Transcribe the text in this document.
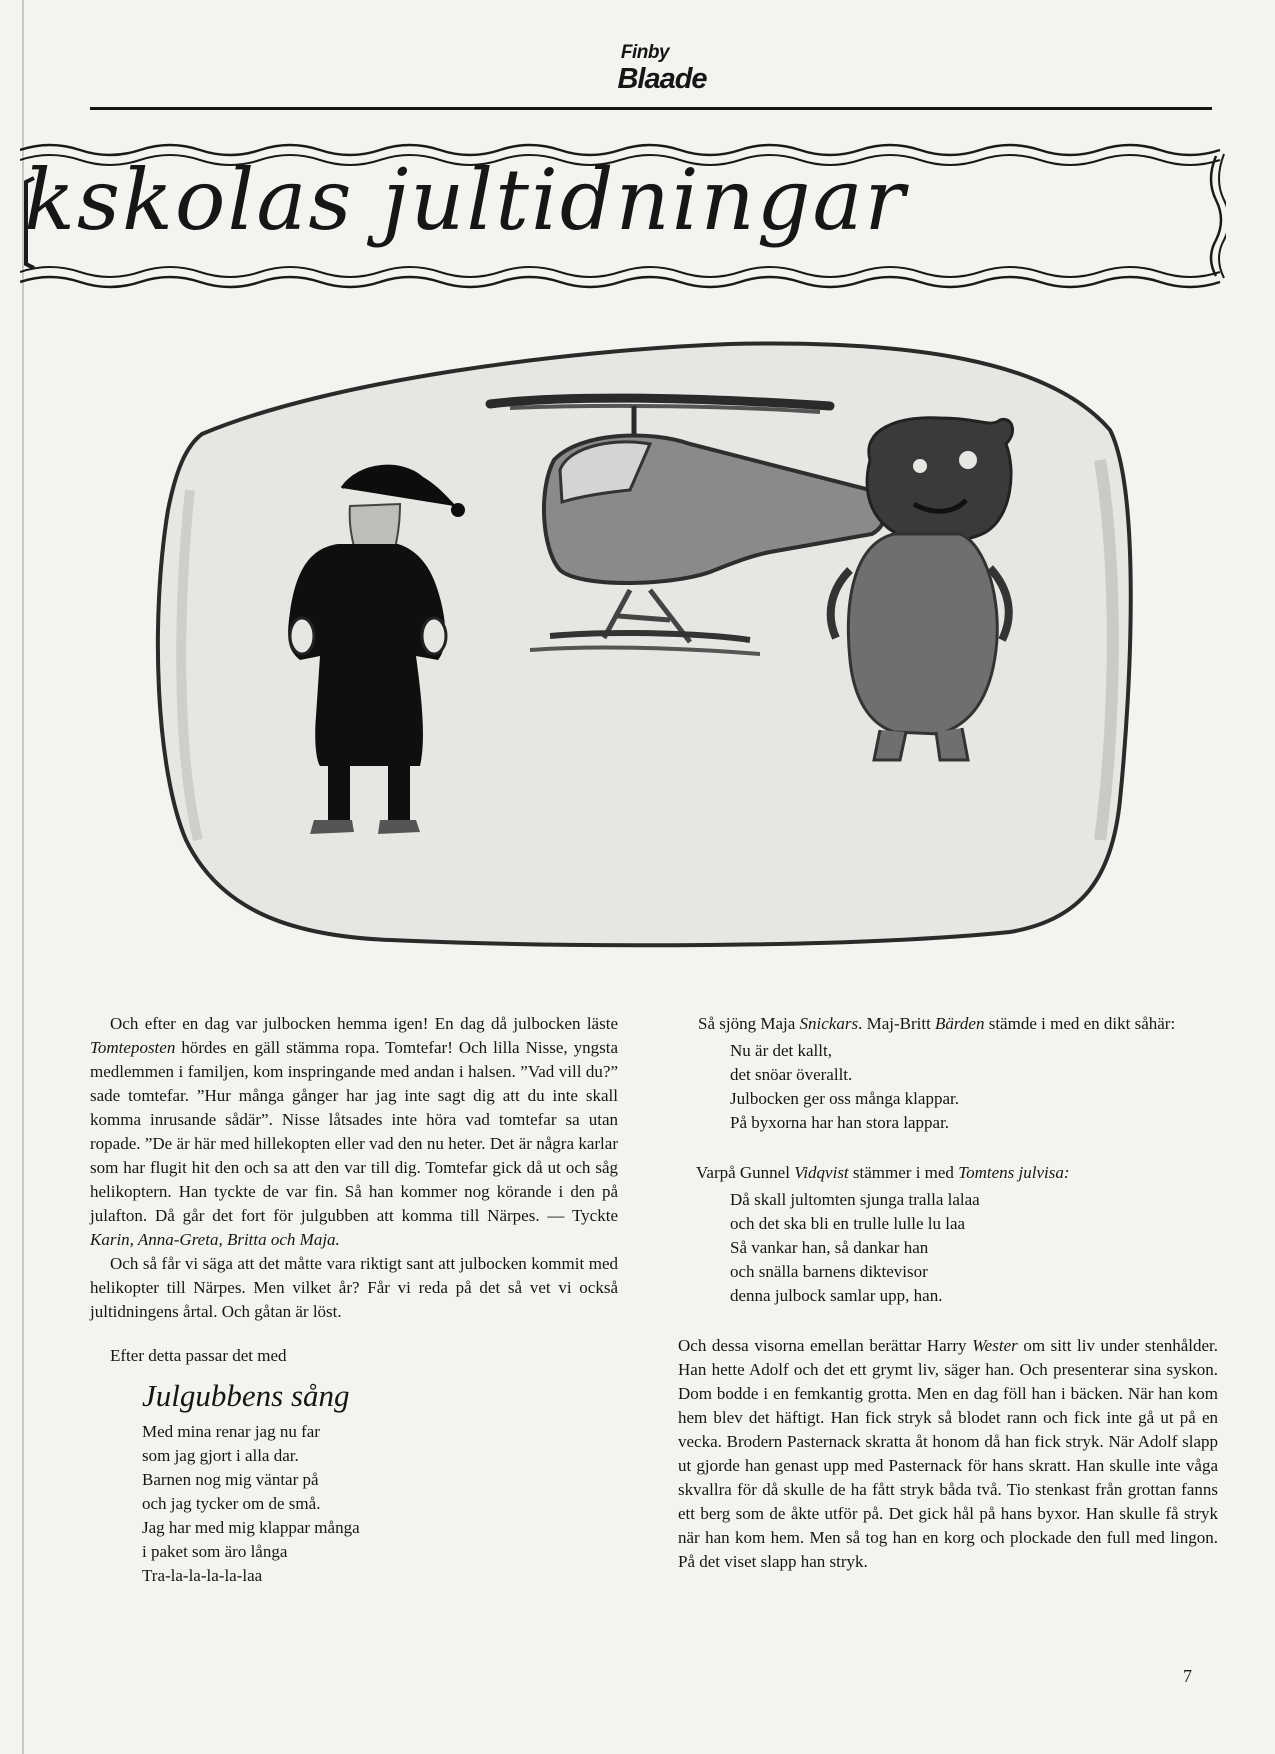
Finby
Blaade
kskolas jultidningar

Och efter en dag var julbocken hemma igen! En dag då julbocken läste Tomteposten hördes en gäll stämma ropa. Tomtefar! Och lilla Nisse, yngsta medlemmen i familjen, kom inspringande med andan i halsen. ”Vad vill du?” sade tomtefar. ”Hur många gånger har jag inte sagt dig att du inte skall komma inrusande sådär”. Nisse låtsades inte höra vad tomtefar sa utan ropade. ”De är här med hillekopten eller vad den nu heter. Det är några karlar som har flugit hit den och sa att den var till dig. Tomtefar gick då ut och såg helikoptern. Han tyckte de var fin. Så han kommer nog körande i den på julafton. Då går det fort för julgubben att komma till Närpes. — Tyckte Karin, Anna-Greta, Britta och Maja.

Och så får vi säga att det måtte vara riktigt sant att julbocken kommit med helikopter till Närpes. Men vilket år? Får vi reda på det så vet vi också jultidningens årtal. Och gåtan är löst.

Efter detta passar det med

Julgubbens sång
Med mina renar jag nu far
som jag gjort i alla dar.
Barnen nog mig väntar på
och jag tycker om de små.
Jag har med mig klappar många
i paket som äro långa
Tra-la-la-la-la-laa

Så sjöng Maja Snickars. Maj-Britt Bärden stämde i med en dikt såhär:

Nu är det kallt,
det snöar överallt.
Julbocken ger oss många klappar.
På byxorna har han stora lappar.

Varpå Gunnel Vidqvist stämmer i med Tomtens julvisa:

Då skall jultomten sjunga tralla lalaa
och det ska bli en trulle lulle lu laa
Så vankar han, så dankar han
och snälla barnens diktevisor
denna julbock samlar upp, han.

Och dessa visorna emellan berättar Harry Wester om sitt liv under stenhålder. Han hette Adolf och det ett grymt liv, säger han. Och presenterar sina syskon. Dom bodde i en femkantig grotta. Men en dag föll han i bäcken. När han kom hem blev det häftigt. Han fick stryk så blodet rann och fick inte gå ut på en vecka. Brodern Pasternack skratta åt honom då han fick stryk. När Adolf slapp ut gjorde han genast upp med Pasternack för hans skratt. Han skulle inte våga skvallra för då skulle de ha fått stryk båda två. Tio stenkast från grottan fanns ett berg som de åkte utför på. Det gick hål på hans byxor. Han skulle få stryk när han kom hem. Men så tog han en korg och plockade den full med lingon. På det viset slapp han stryk.

7
